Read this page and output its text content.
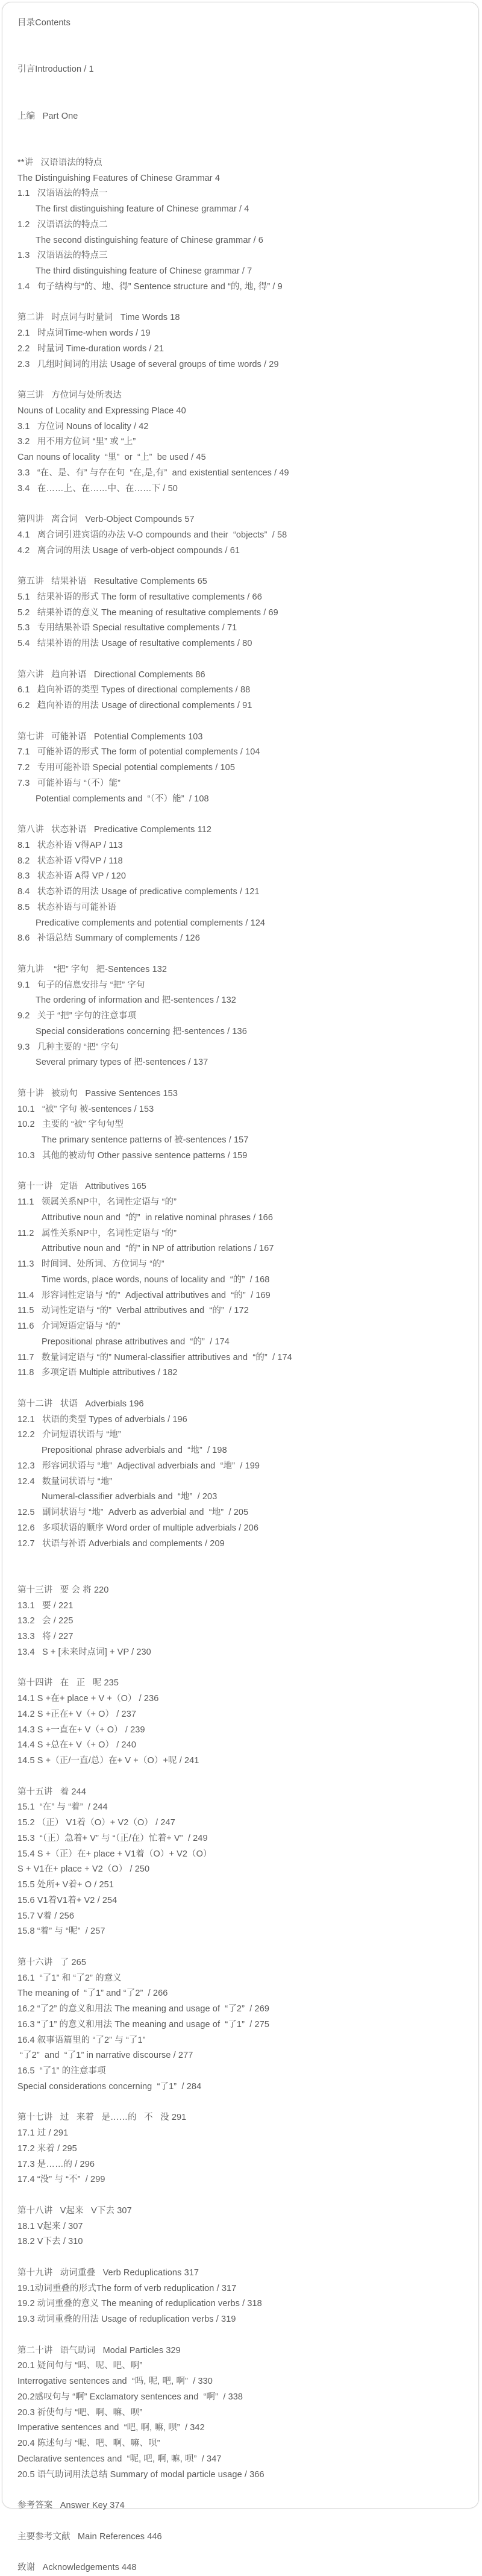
目录Contents
引言Introduction / 1
上编   Part One
**讲   汉语语法的特点
The Distinguishing Features of Chinese Grammar 4
1.1   汉语语法的特点一
The first distinguishing feature of Chinese grammar / 4
1.2   汉语语法的特点二
The second distinguishing feature of Chinese grammar / 6
1.3   汉语语法的特点三
The third distinguishing feature of Chinese grammar / 7
1.4   句子结构与“的、地、得” Sentence structure and “的, 地, 得” / 9
第二讲   时点词与时量词   Time Words 18
2.1   时点词Time-when words / 19
2.2   时量词 Time-duration words / 21
2.3   几组时间词的用法 Usage of several groups of time words / 29
第三讲   方位词与处所表达
Nouns of Locality and Expressing Place 40
3.1   方位词 Nouns of locality / 42
3.2   用不用方位词 “里” 或 “上”
Can nouns of locality  “里”  or  “上”  be used / 45
3.3   “在、是、有” 与存在句  “在,是,有”  and existential sentences / 49
3.4   在……上、在……中、在……下 / 50
第四讲   离合词   Verb-Object Compounds 57
4.1   离合词引进宾语的办法 V-O compounds and their  “objects”  / 58
4.2   离合词的用法 Usage of verb-object compounds / 61
第五讲   结果补语   Resultative Complements 65
5.1   结果补语的形式 The form of resultative complements / 66
5.2   结果补语的意义 The meaning of resultative complements / 69
5.3   专用结果补语 Special resultative complements / 71
5.4   结果补语的用法 Usage of resultative complements / 80
第六讲   趋向补语   Directional Complements 86
6.1   趋向补语的类型 Types of directional complements / 88
6.2   趋向补语的用法 Usage of directional complements / 91
第七讲   可能补语   Potential Complements 103
7.1   可能补语的形式 The form of potential complements / 104
7.2   专用可能补语 Special potential complements / 105
7.3   可能补语与 “（不）能”
Potential complements and  “（不）能”  / 108
第八讲   状态补语   Predicative Complements 112
8.1   状态补语 V得AP / 113
8.2   状态补语 V得VP / 118
8.3   状态补语 A得 VP / 120
8.4   状态补语的用法 Usage of predicative complements / 121
8.5   状态补语与可能补语
Predicative complements and potential complements / 124
8.6   补语总结 Summary of complements / 126
第九讲    “把” 字句   把-Sentences 132
9.1   句子的信息安排与 “把” 字句
The ordering of information and 把-sentences / 132
9.2   关于 “把” 字句的注意事项
Special considerations concerning 把-sentences / 136
9.3   几种主要的 “把” 字句
Several primary types of 把-sentences / 137
第十讲   被动句   Passive Sentences 153
10.1   “被” 字句 被-sentences / 153
10.2   主要的 “被” 字句句型
The primary sentence patterns of 被-sentences / 157
10.3   其他的被动句 Other passive sentence patterns / 159
第十一讲   定语   Attributives 165
11.1   领属关系NP中，名词性定语与 “的”
Attributive noun and  “的”  in relative nominal phrases / 166
11.2   属性关系NP中，名词性定语与 “的”
Attributive noun and  “的” in NP of attribution relations / 167
11.3   时间词、处所词、方位词与 “的”
Time words, place words, nouns of locality and  “的”  / 168
11.4   形容词性定语与 “的”  Adjectival attributives and  “的”  / 169
11.5   动词性定语与 “的”  Verbal attributives and  “的”  / 172
11.6   介词短语定语与 “的”
Prepositional phrase attributives and  “的”  / 174
11.7   数量词定语与 “的” Numeral-classifier attributives and  “的”  / 174
11.8   多项定语 Multiple attributives / 182
第十二讲   状语   Adverbials 196
12.1   状语的类型 Types of adverbials / 196
12.2   介词短语状语与 “地”
Prepositional phrase adverbials and  “地”  / 198
12.3   形容词状语与 “地”  Adjectival adverbials and  “地”  / 199
12.4   数量词状语与 “地”
Numeral-classifier adverbials and  “地”  / 203
12.5   副词状语与 “地”  Adverb as adverbial and  “地”  / 205
12.6   多项状语的顺序 Word order of multiple adverbials / 206
12.7   状语与补语 Adverbials and complements / 209
第十三讲   要 会 将 220
13.1   要 / 221
13.2   会 / 225
13.3   将 / 227
13.4   S + [未来时点词] + VP / 230
第十四讲   在   正   呢 235
14.1 S +在+ place + V +（O） / 236
14.2 S +正在+ V（+ O） / 237
14.3 S +一直在+ V（+ O） / 239
14.4 S +总在+ V（+ O） / 240
14.5 S +（正/一直/总）在+ V +（O）+呢 / 241
第十五讲   着 244
15.1  “在” 与 “着”  / 244
15.2 （正） V1着（O）+ V2（O） / 247
15.3  “（正）急着+ V” 与 “（正/在）忙着+ V”  / 249
15.4 S +（正）在+ place + V1着（O）+ V2（O）
S + V1在+ place + V2（O） / 250
15.5 处所+ V着+ O / 251
15.6 V1着V1着+ V2 / 254
15.7 V着 / 256
15.8 “着” 与 “呢”  / 257
第十六讲   了 265
16.1  “了1” 和 “了2” 的意义
The meaning of  “了1” and “了2”  / 266
16.2 “了2” 的意义和用法 The meaning and usage of  “了2”  / 269
16.3 “了1” 的意义和用法 The meaning and usage of  “了1”  / 275
16.4 叙事语篇里的 “了2” 与 “了1”
“了2”  and  “了1” in narrative discourse / 277
16.5  “了1” 的注意事项
Special considerations concerning  “了1”  / 284
第十七讲   过   来着   是……的   不   没 291
17.1 过 / 291
17.2 来着 / 295
17.3 是……的 / 296
17.4 “没” 与 “不”  / 299
第十八讲   V起来   V下去 307
18.1 V起来 / 307
18.2 V下去 / 310
第十九讲   动词重叠   Verb Reduplications 317
19.1动词重叠的形式The form of verb reduplication / 317
19.2 动词重叠的意义 The meaning of reduplication verbs / 318
19.3 动词重叠的用法 Usage of reduplication verbs / 319
第二十讲   语气助词   Modal Particles 329
20.1 疑问句与 “吗、呢、吧、啊”
Interrogative sentences and  “吗, 呢, 吧, 啊”  / 330
20.2感叹句与 “啊” Exclamatory sentences and  “啊”  / 338
20.3 祈使句与 “吧、啊、嘛、呗”
Imperative sentences and  “吧, 啊, 嘛, 呗”  / 342
20.4 陈述句与 “呢、吧、啊、嘛、呗”
Declarative sentences and  “呢, 吧, 啊, 嘛, 呗”  / 347
20.5 语气助词用法总结 Summary of modal particle usage / 366
参考答案   Answer Key 374
主要参考文献   Main References 446
致谢   Acknowledgements 448
